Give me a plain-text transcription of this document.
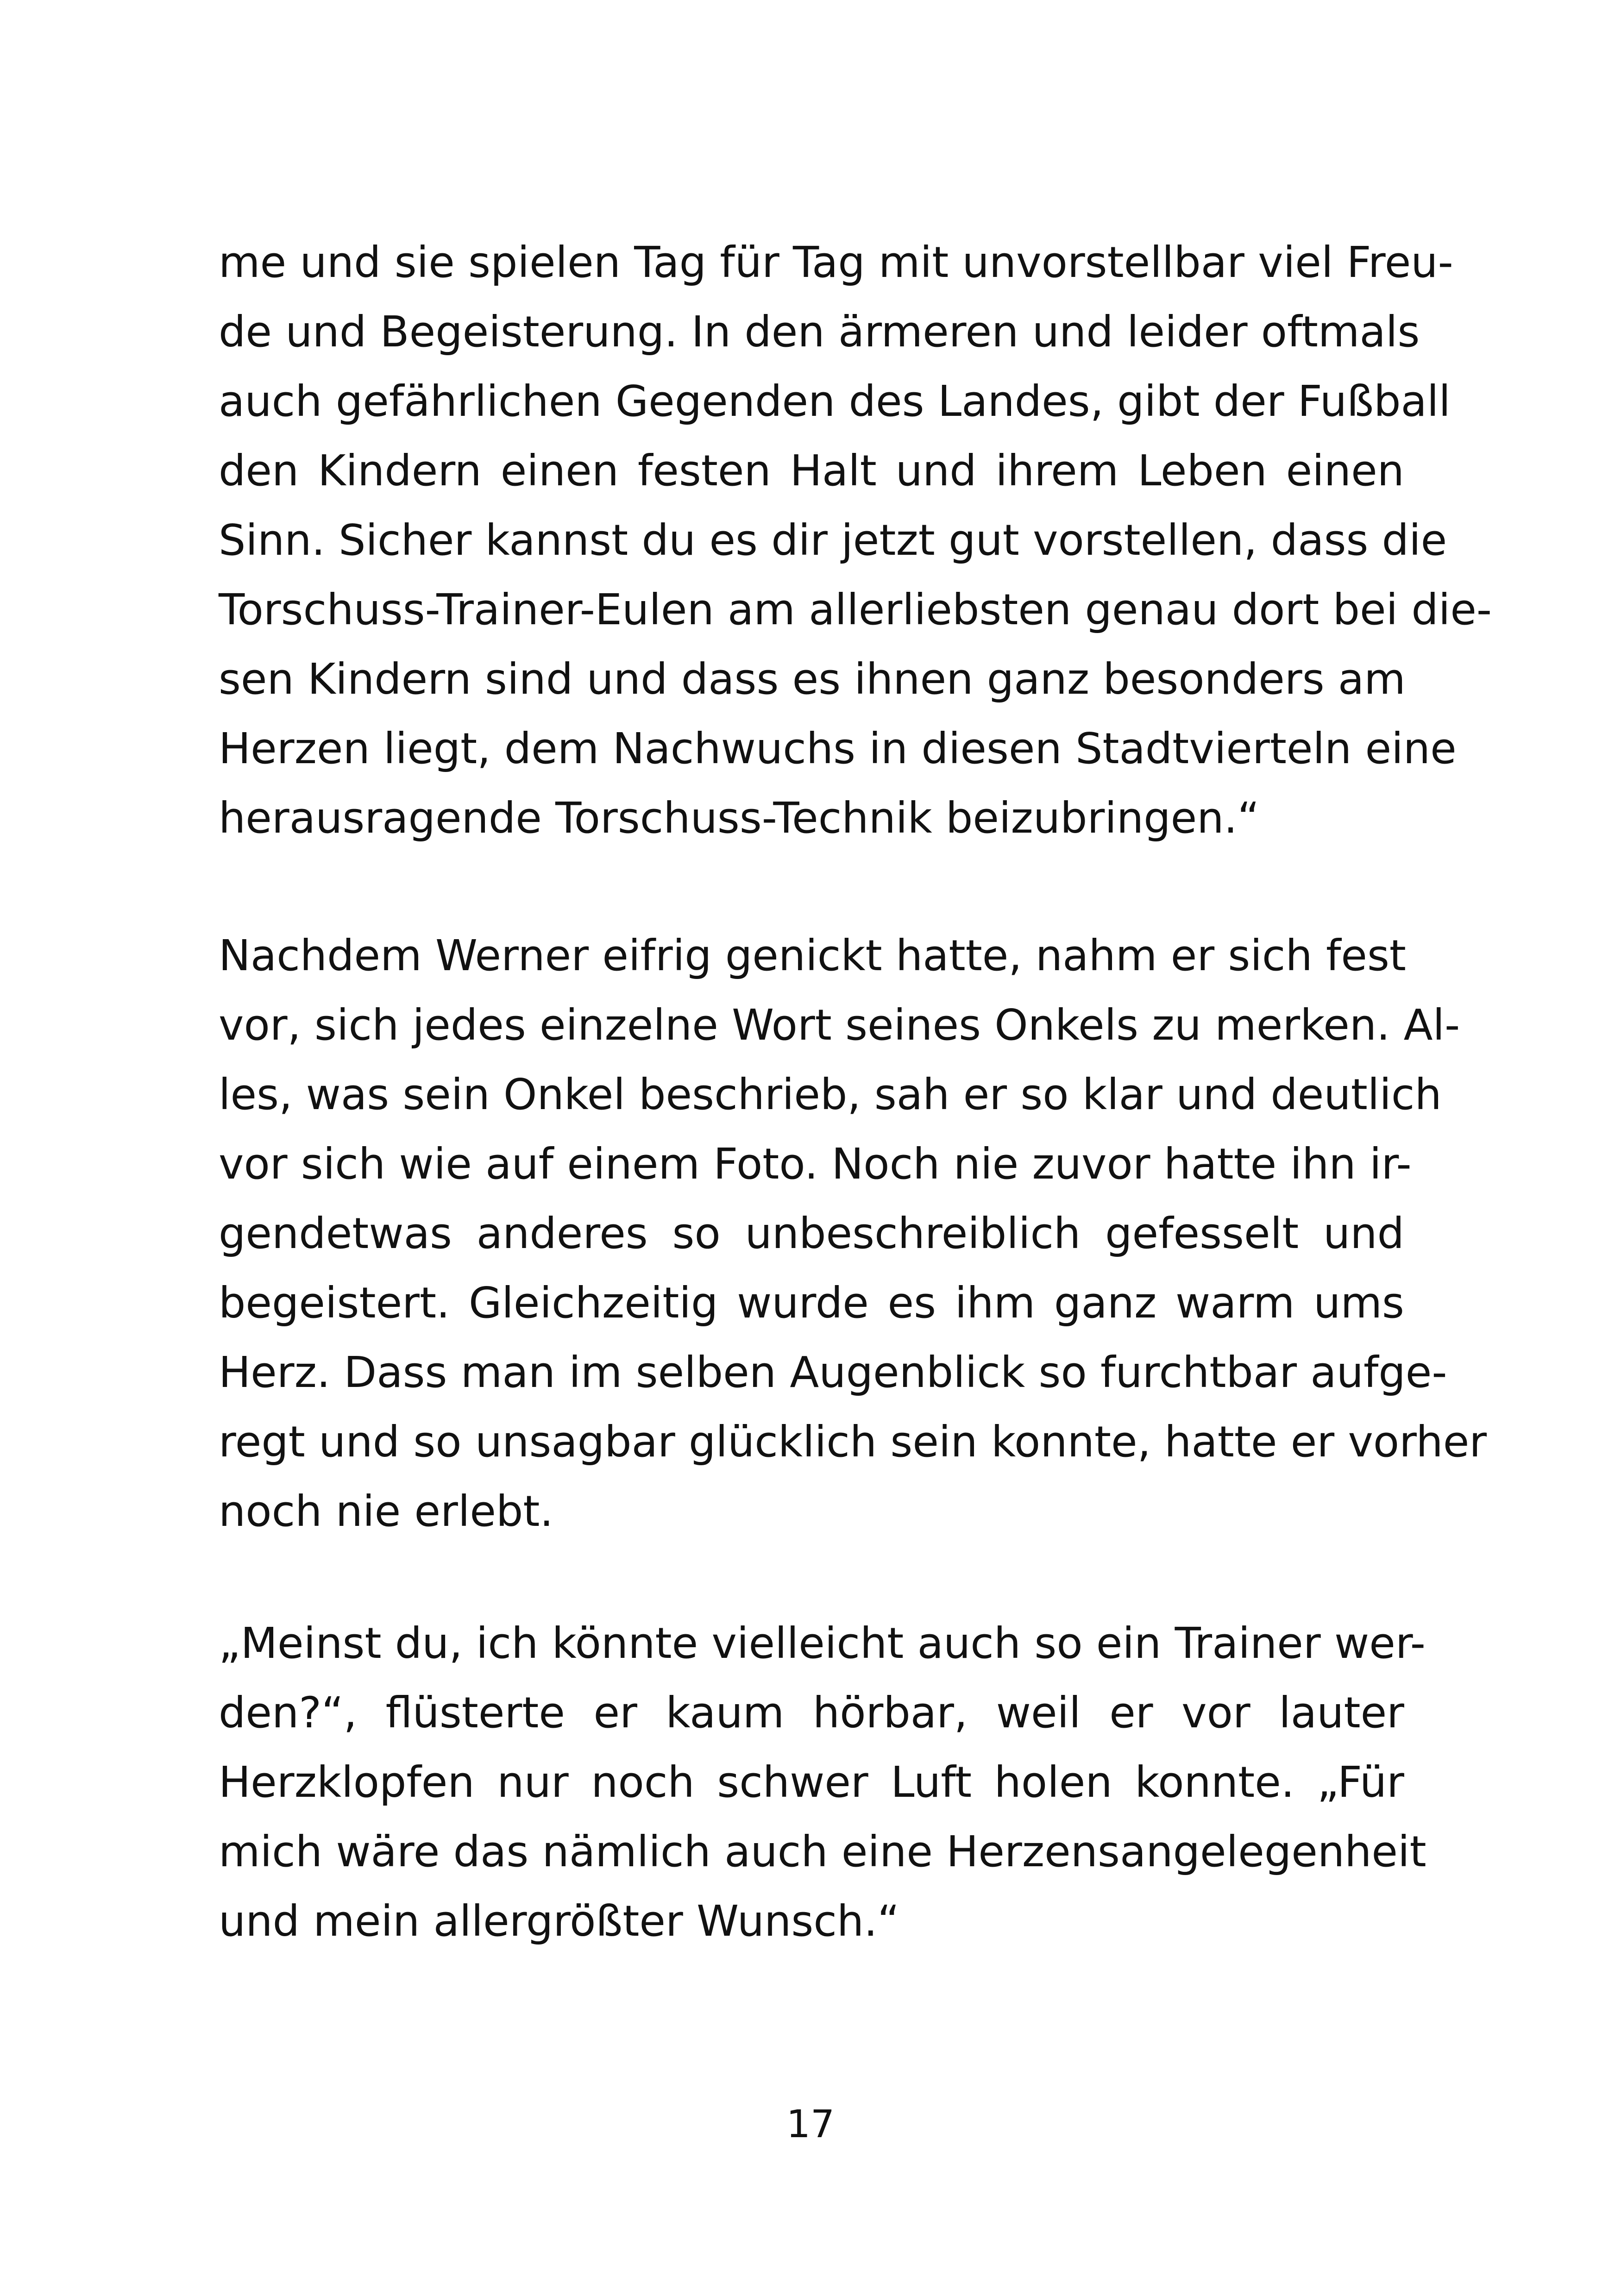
me und sie spielen Tag für Tag mit unvorstellbar viel Freu-
de und Begeisterung. In den ärmeren und leider oftmals
auch gefährlichen Gegenden des Landes, gibt der Fußball
den Kindern einen festen Halt und ihrem Leben einen
Sinn. Sicher kannst du es dir jetzt gut vorstellen, dass die
Torschuss-Trainer-Eulen am allerliebsten genau dort bei die-
sen Kindern sind und dass es ihnen ganz besonders am
Herzen liegt, dem Nachwuchs in diesen Stadtvierteln eine
herausragende Torschuss-Technik beizubringen.“
Nachdem Werner eifrig genickt hatte, nahm er sich fest
vor, sich jedes einzelne Wort seines Onkels zu merken. Al-
les, was sein Onkel beschrieb, sah er so klar und deutlich
vor sich wie auf einem Foto. Noch nie zuvor hatte ihn ir-
gendetwas anderes so unbeschreiblich gefesselt und
begeistert. Gleichzeitig wurde es ihm ganz warm ums
Herz. Dass man im selben Augenblick so furchtbar aufge-
regt und so unsagbar glücklich sein konnte, hatte er vorher
noch nie erlebt.
„Meinst du, ich könnte vielleicht auch so ein Trainer wer-
den?“, flüsterte er kaum hörbar, weil er vor lauter
Herzklopfen nur noch schwer Luft holen konnte. „Für
mich wäre das nämlich auch eine Herzensangelegenheit
und mein allergrößter Wunsch.“
17
